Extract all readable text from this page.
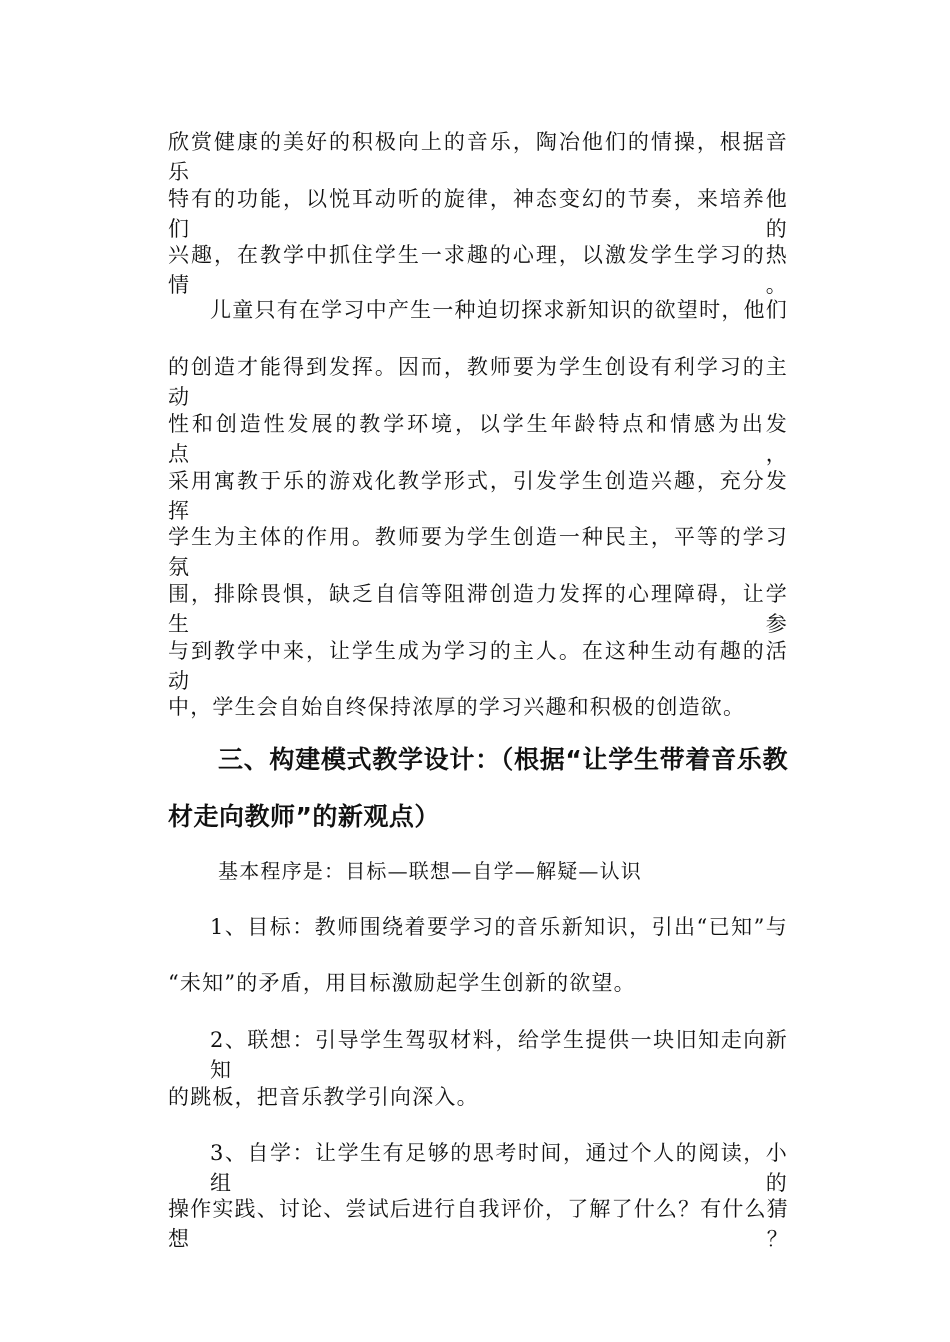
欣赏健康的美好的积极向上的音乐，陶冶他们的情操，根据音乐
特有的功能，以悦耳动听的旋律，神态变幻的节奏，来培养他们的
兴趣，在教学中抓住学生一求趣的心理，以激发学生学习的热情。
儿童只有在学习中产生一种迫切探求新知识的欲望时，他们
的创造才能得到发挥。因而，教师要为学生创设有利学习的主动
性和创造性发展的教学环境，以学生年龄特点和情感为出发点，
采用寓教于乐的游戏化教学形式，引发学生创造兴趣，充分发挥
学生为主体的作用。教师要为学生创造一种民主，平等的学习氛
围，排除畏惧，缺乏自信等阻滞创造力发挥的心理障碍，让学生参
与到教学中来，让学生成为学习的主人。在这种生动有趣的活动
中，学生会自始自终保持浓厚的学习兴趣和积极的创造欲。
三、构建模式教学设计：（根据“让学生带着音乐教
材走向教师”的新观点）
基本程序是：目标—联想—自学—解疑—认识
1、目标：教师围绕着要学习的音乐新知识，引出“已知”与
“未知”的矛盾，用目标激励起学生创新的欲望。
2、联想：引导学生驾驭材料，给学生提供一块旧知走向新知
的跳板，把音乐教学引向深入。
3、自学：让学生有足够的思考时间，通过个人的阅读，小组的
操作实践、讨论、尝试后进行自我评价，了解了什么？有什么猜想？
